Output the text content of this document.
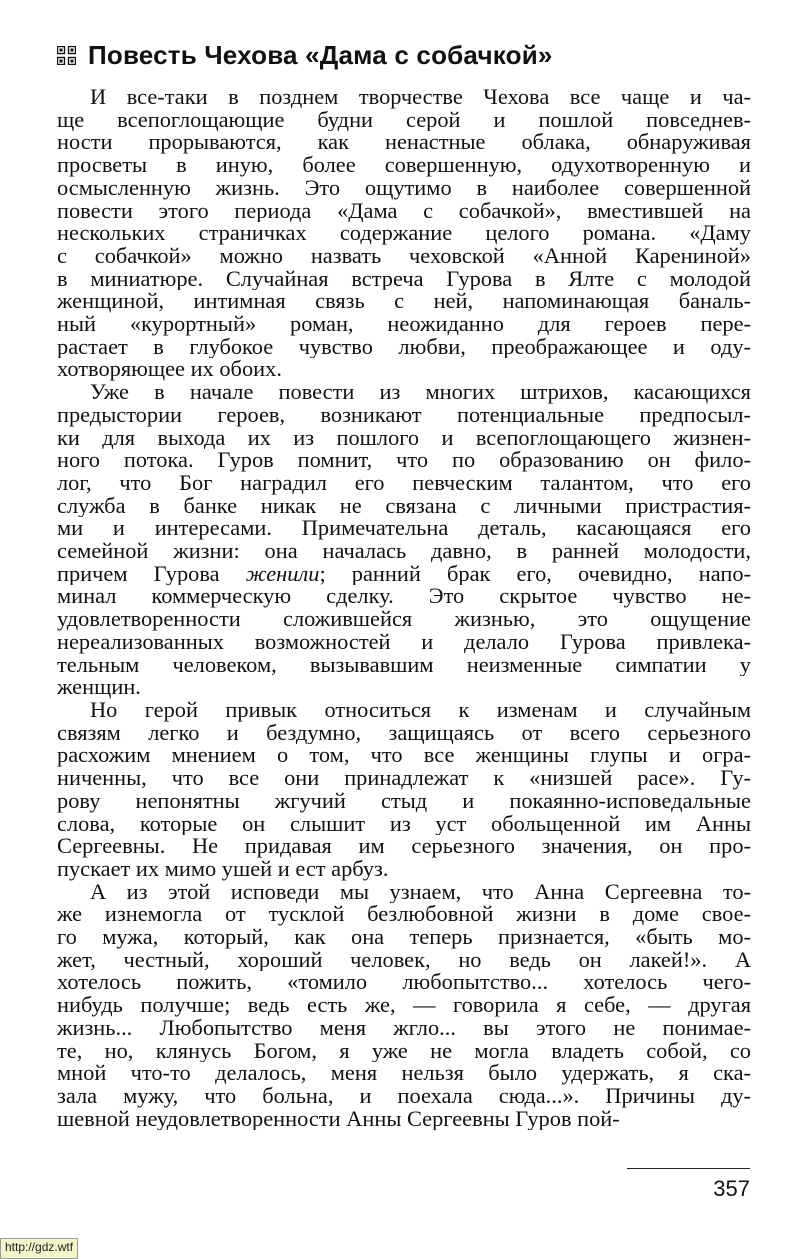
Повесть Чехова «Дама с собачкой»
И все-таки в позднем творчестве Чехова все чаще и ча-
ще всепоглощающие будни серой и пошлой повседнев-
ности прорываются, как ненастные облака, обнаруживая
просветы в иную, более совершенную, одухотворенную и
осмысленную жизнь. Это ощутимо в наиболее совершенной
повести этого периода «Дама с собачкой», вместившей на
нескольких страничках содержание целого романа. «Даму
с собачкой» можно назвать чеховской «Анной Карениной»
в миниатюре. Случайная встреча Гурова в Ялте с молодой
женщиной, интимная связь с ней, напоминающая баналь-
ный «курортный» роман, неожиданно для героев пере-
растает в глубокое чувство любви, преображающее и оду-
хотворяющее их обоих.
Уже в начале повести из многих штрихов, касающихся
предыстории героев, возникают потенциальные предпосыл-
ки для выхода их из пошлого и всепоглощающего жизнен-
ного потока. Гуров помнит, что по образованию он фило-
лог, что Бог наградил его певческим талантом, что его
служба в банке никак не связана с личными пристрастия-
ми и интересами. Примечательна деталь, касающаяся его
семейной жизни: она началась давно, в ранней молодости,
причем Гурова женили; ранний брак его, очевидно, напо-
минал коммерческую сделку. Это скрытое чувство не-
удовлетворенности сложившейся жизнью, это ощущение
нереализованных возможностей и делало Гурова привлека-
тельным человеком, вызывавшим неизменные симпатии у
женщин.
Но герой привык относиться к изменам и случайным
связям легко и бездумно, защищаясь от всего серьезного
расхожим мнением о том, что все женщины глупы и огра-
ниченны, что все они принадлежат к «низшей расе». Гу-
рову непонятны жгучий стыд и покаянно-исповедальные
слова, которые он слышит из уст обольщенной им Анны
Сергеевны. Не придавая им серьезного значения, он про-
пускает их мимо ушей и ест арбуз.
А из этой исповеди мы узнаем, что Анна Сергеевна то-
же изнемогла от тусклой безлюбовной жизни в доме свое-
го мужа, который, как она теперь признается, «быть мо-
жет, честный, хороший человек, но ведь он лакей!». А
хотелось пожить, «томило любопытство... хотелось чего-
нибудь получше; ведь есть же, — говорила я себе, — другая
жизнь... Любопытство меня жгло... вы этого не понимае-
те, но, клянусь Богом, я уже не могла владеть собой, со
мной что-то делалось, меня нельзя было удержать, я ска-
зала мужу, что больна, и поехала сюда...». Причины ду-
шевной неудовлетворенности Анны Сергеевны Гуров пой-
357
http://gdz.wtf
